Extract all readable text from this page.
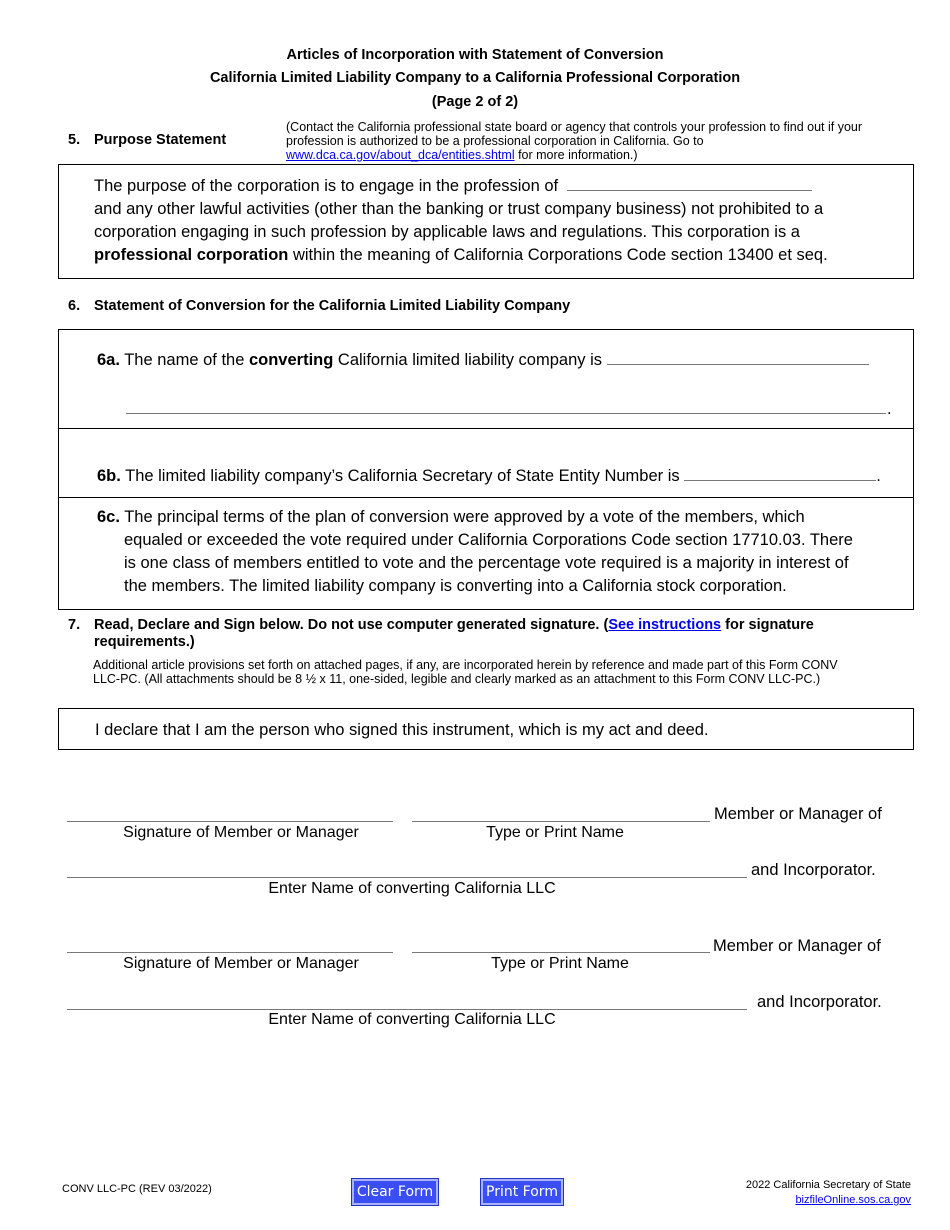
Articles of Incorporation with Statement of Conversion
California Limited Liability Company to a California Professional Corporation
(Page 2 of 2)
5. Purpose Statement
(Contact the California professional state board or agency that controls your profession to find out if your
profession is authorized to be a professional corporation in California. Go to
www.dca.ca.gov/about_dca/entities.shtml for more information.)
The purpose of the corporation is to engage in the profession of
and any other lawful activities (other than the banking or trust company business) not prohibited to a
corporation engaging in such profession by applicable laws and regulations. This corporation is a
professional corporation within the meaning of California Corporations Code section 13400 et seq.
6. Statement of Conversion for the California Limited Liability Company
6a. The name of the converting California limited liability company is
.
6b. The limited liability company’s California Secretary of State Entity Number is	.
6c. The principal terms of the plan of conversion were approved by a vote of the members, which
equaled or exceeded the vote required under California Corporations Code section 17710.03. There
is one class of members entitled to vote and the percentage vote required is a majority in interest of
the members. The limited liability company is converting into a California stock corporation.
7. Read, Declare and Sign below. Do not use computer generated signature. (See instructions for signature
requirements.)
Additional article provisions set forth on attached pages, if any, are incorporated herein by reference and made part of this Form CONV
LLC-PC. (All attachments should be 8 ½ x 11, one-sided, legible and clearly marked as an attachment to this Form CONV LLC-PC.)
I declare that I am the person who signed this instrument, which is my act and deed.
Member or Manager of
Signature of Member or Manager	Type or Print Name
and Incorporator.
Enter Name of converting California LLC
Member or Manager of
Signature of Member or Manager	Type or Print Name
and Incorporator.
Enter Name of converting California LLC
CONV LLC-PC (REV 03/2022)	Clear Form	Print Form	2022 California Secretary of State
bizfileOnline.sos.ca.gov
